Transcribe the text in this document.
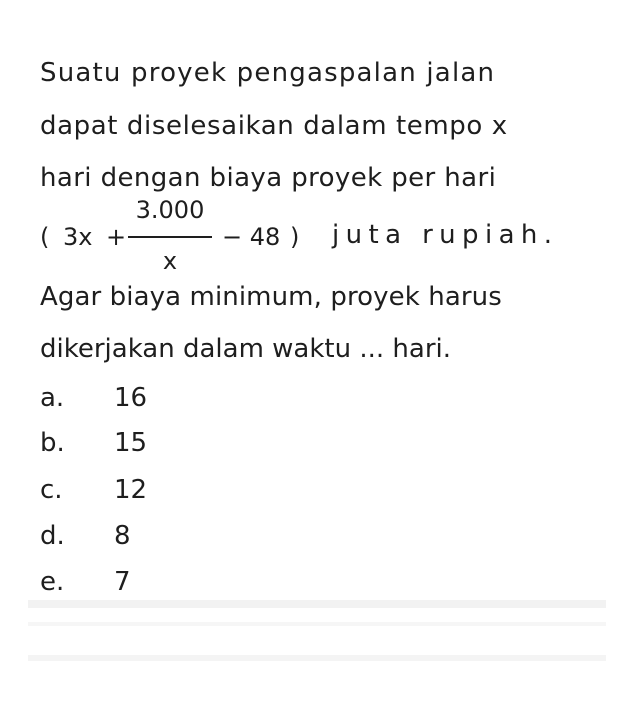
Suatu proyek pengaspalan jalan
dapat diselesaikan dalam tempo x
hari dengan biaya proyek per hari
( 3x +
3.000
x
− 48 ) juta rupiah.
Agar biaya minimum, proyek harus
dikerjakan dalam waktu ... hari.
a. 16
b. 15
c. 12
d. 8
e. 7
